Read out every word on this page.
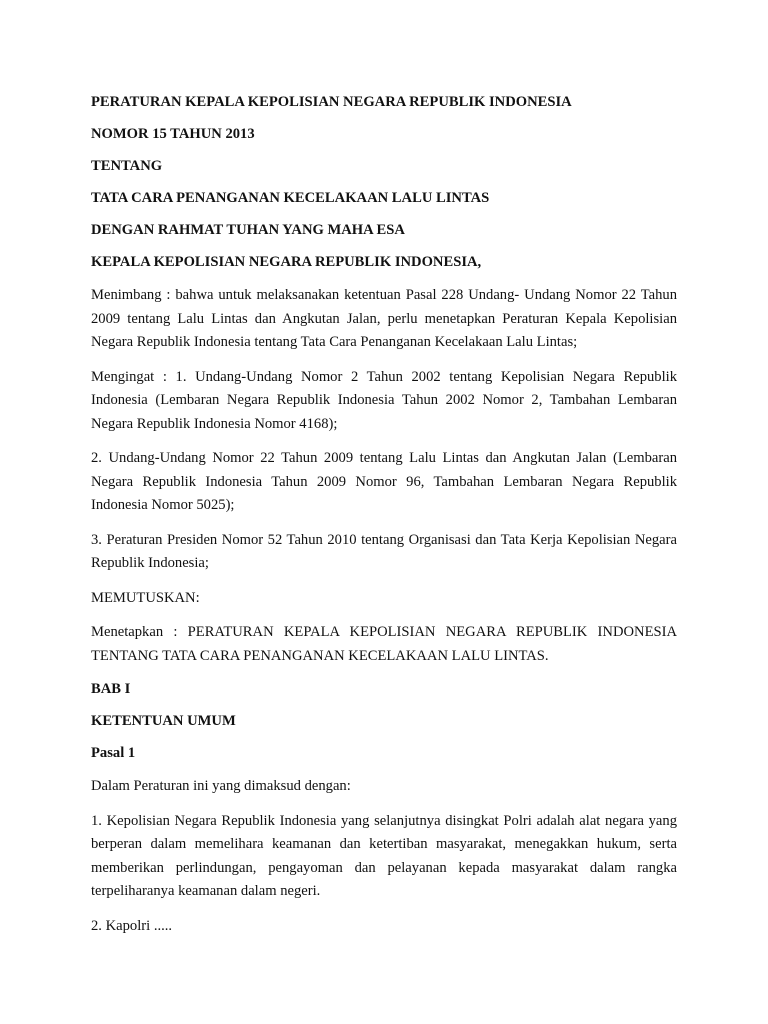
PERATURAN KEPALA KEPOLISIAN NEGARA REPUBLIK INDONESIA

NOMOR 15 TAHUN 2013

TENTANG

TATA CARA PENANGANAN KECELAKAAN LALU LINTAS

DENGAN RAHMAT TUHAN YANG MAHA ESA

KEPALA KEPOLISIAN NEGARA REPUBLIK INDONESIA,

Menimbang : bahwa untuk melaksanakan ketentuan Pasal 228 Undang- Undang Nomor 22 Tahun 2009 tentang Lalu Lintas dan Angkutan Jalan, perlu menetapkan Peraturan Kepala Kepolisian Negara Republik Indonesia tentang Tata Cara Penanganan Kecelakaan Lalu Lintas;

Mengingat : 1. Undang-Undang Nomor 2 Tahun 2002 tentang Kepolisian Negara Republik Indonesia (Lembaran Negara Republik Indonesia Tahun 2002 Nomor 2, Tambahan Lembaran Negara Republik Indonesia Nomor 4168);

2. Undang-Undang Nomor 22 Tahun 2009 tentang Lalu Lintas dan Angkutan Jalan (Lembaran Negara Republik Indonesia Tahun 2009 Nomor 96, Tambahan Lembaran Negara Republik Indonesia Nomor 5025);

3. Peraturan Presiden Nomor 52 Tahun 2010 tentang Organisasi dan Tata Kerja Kepolisian Negara Republik Indonesia;

MEMUTUSKAN:

Menetapkan : PERATURAN KEPALA KEPOLISIAN NEGARA REPUBLIK INDONESIA TENTANG TATA CARA PENANGANAN KECELAKAAN LALU LINTAS.

BAB I

KETENTUAN UMUM

Pasal 1

Dalam Peraturan ini yang dimaksud dengan:

1. Kepolisian Negara Republik Indonesia yang selanjutnya disingkat Polri adalah alat negara yang berperan dalam memelihara keamanan dan ketertiban masyarakat, menegakkan hukum, serta memberikan perlindungan, pengayoman dan pelayanan kepada masyarakat dalam rangka terpeliharanya keamanan dalam negeri.

2. Kapolri .....
